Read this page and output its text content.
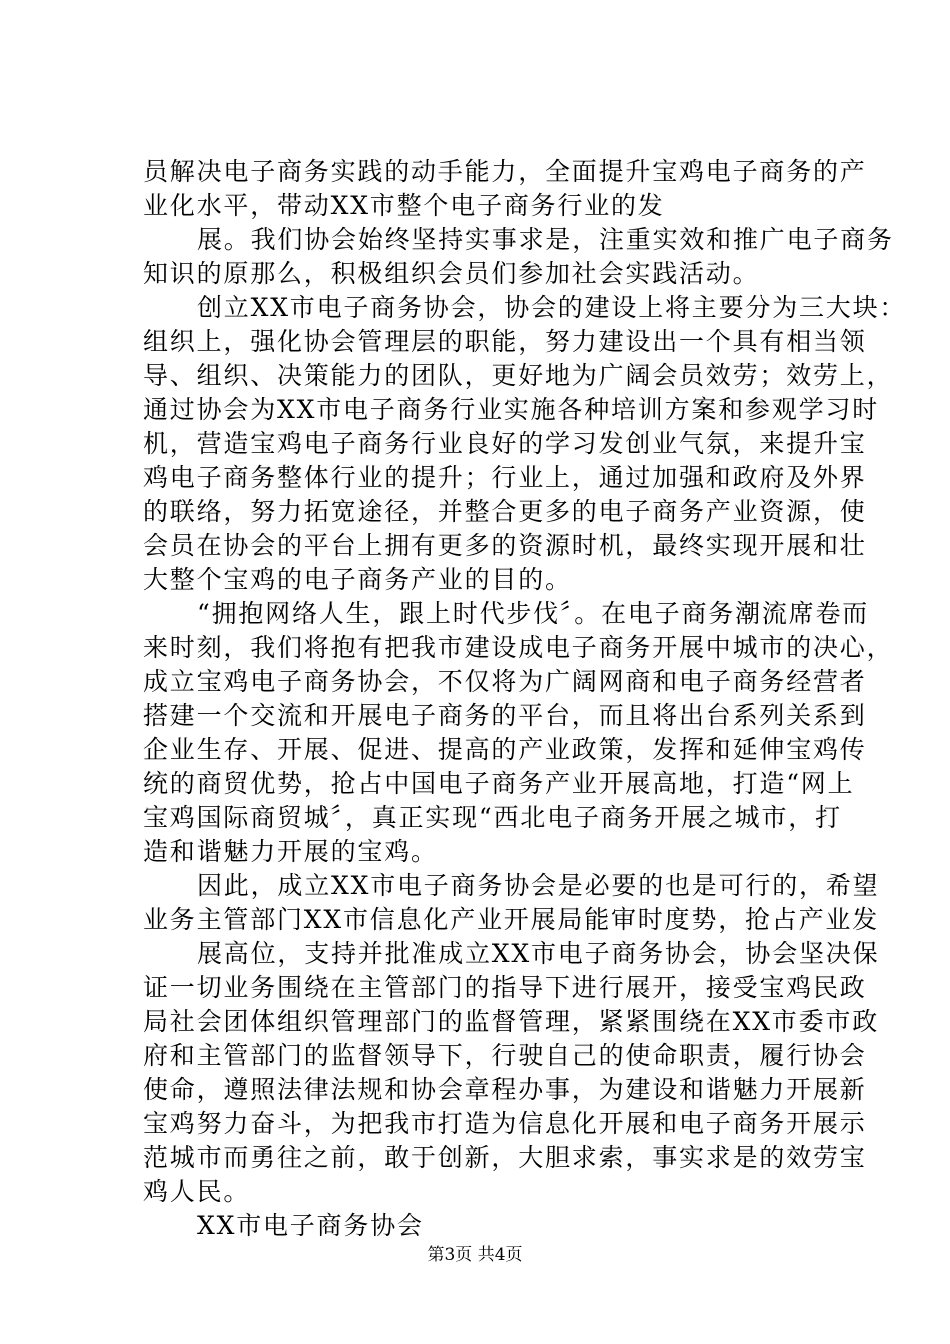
员解决电子商务实践的动手能力，全面提升宝鸡电子商务的产
业化水平，带动XX市整个电子商务行业的发
展。我们协会始终坚持实事求是，注重实效和推广电子商务
知识的原那么，积极组织会员们参加社会实践活动。
创立XX市电子商务协会，协会的建设上将主要分为三大块：
组织上，强化协会管理层的职能，努力建设出一个具有相当领
导、组织、决策能力的团队，更好地为广阔会员效劳；效劳上，
通过协会为XX市电子商务行业实施各种培训方案和参观学习时
机，营造宝鸡电子商务行业良好的学习发创业气氛，来提升宝
鸡电子商务整体行业的提升；行业上，通过加强和政府及外界
的联络，努力拓宽途径，并整合更多的电子商务产业资源，使
会员在协会的平台上拥有更多的资源时机，最终实现开展和壮
大整个宝鸡的电子商务产业的目的。
“拥抱网络人生，跟上时代步伐〞。在电子商务潮流席卷而
来时刻，我们将抱有把我市建设成电子商务开展中城市的决心，
成立宝鸡电子商务协会，不仅将为广阔网商和电子商务经营者
搭建一个交流和开展电子商务的平台，而且将出台系列关系到
企业生存、开展、促进、提高的产业政策，发挥和延伸宝鸡传
统的商贸优势，抢占中国电子商务产业开展高地，打造“网上
宝鸡国际商贸城〞，真正实现“西北电子商务开展之城市，打
造和谐魅力开展的宝鸡。
因此，成立XX市电子商务协会是必要的也是可行的，希望
业务主管部门XX市信息化产业开展局能审时度势，抢占产业发
展高位，支持并批准成立XX市电子商务协会，协会坚决保
证一切业务围绕在主管部门的指导下进行展开，接受宝鸡民政
局社会团体组织管理部门的监督管理，紧紧围绕在XX市委市政
府和主管部门的监督领导下，行驶自己的使命职责，履行协会
使命，遵照法律法规和协会章程办事，为建设和谐魅力开展新
宝鸡努力奋斗，为把我市打造为信息化开展和电子商务开展示
范城市而勇往之前，敢于创新，大胆求索，事实求是的效劳宝
鸡人民。
XX市电子商务协会
第3页 共4页
